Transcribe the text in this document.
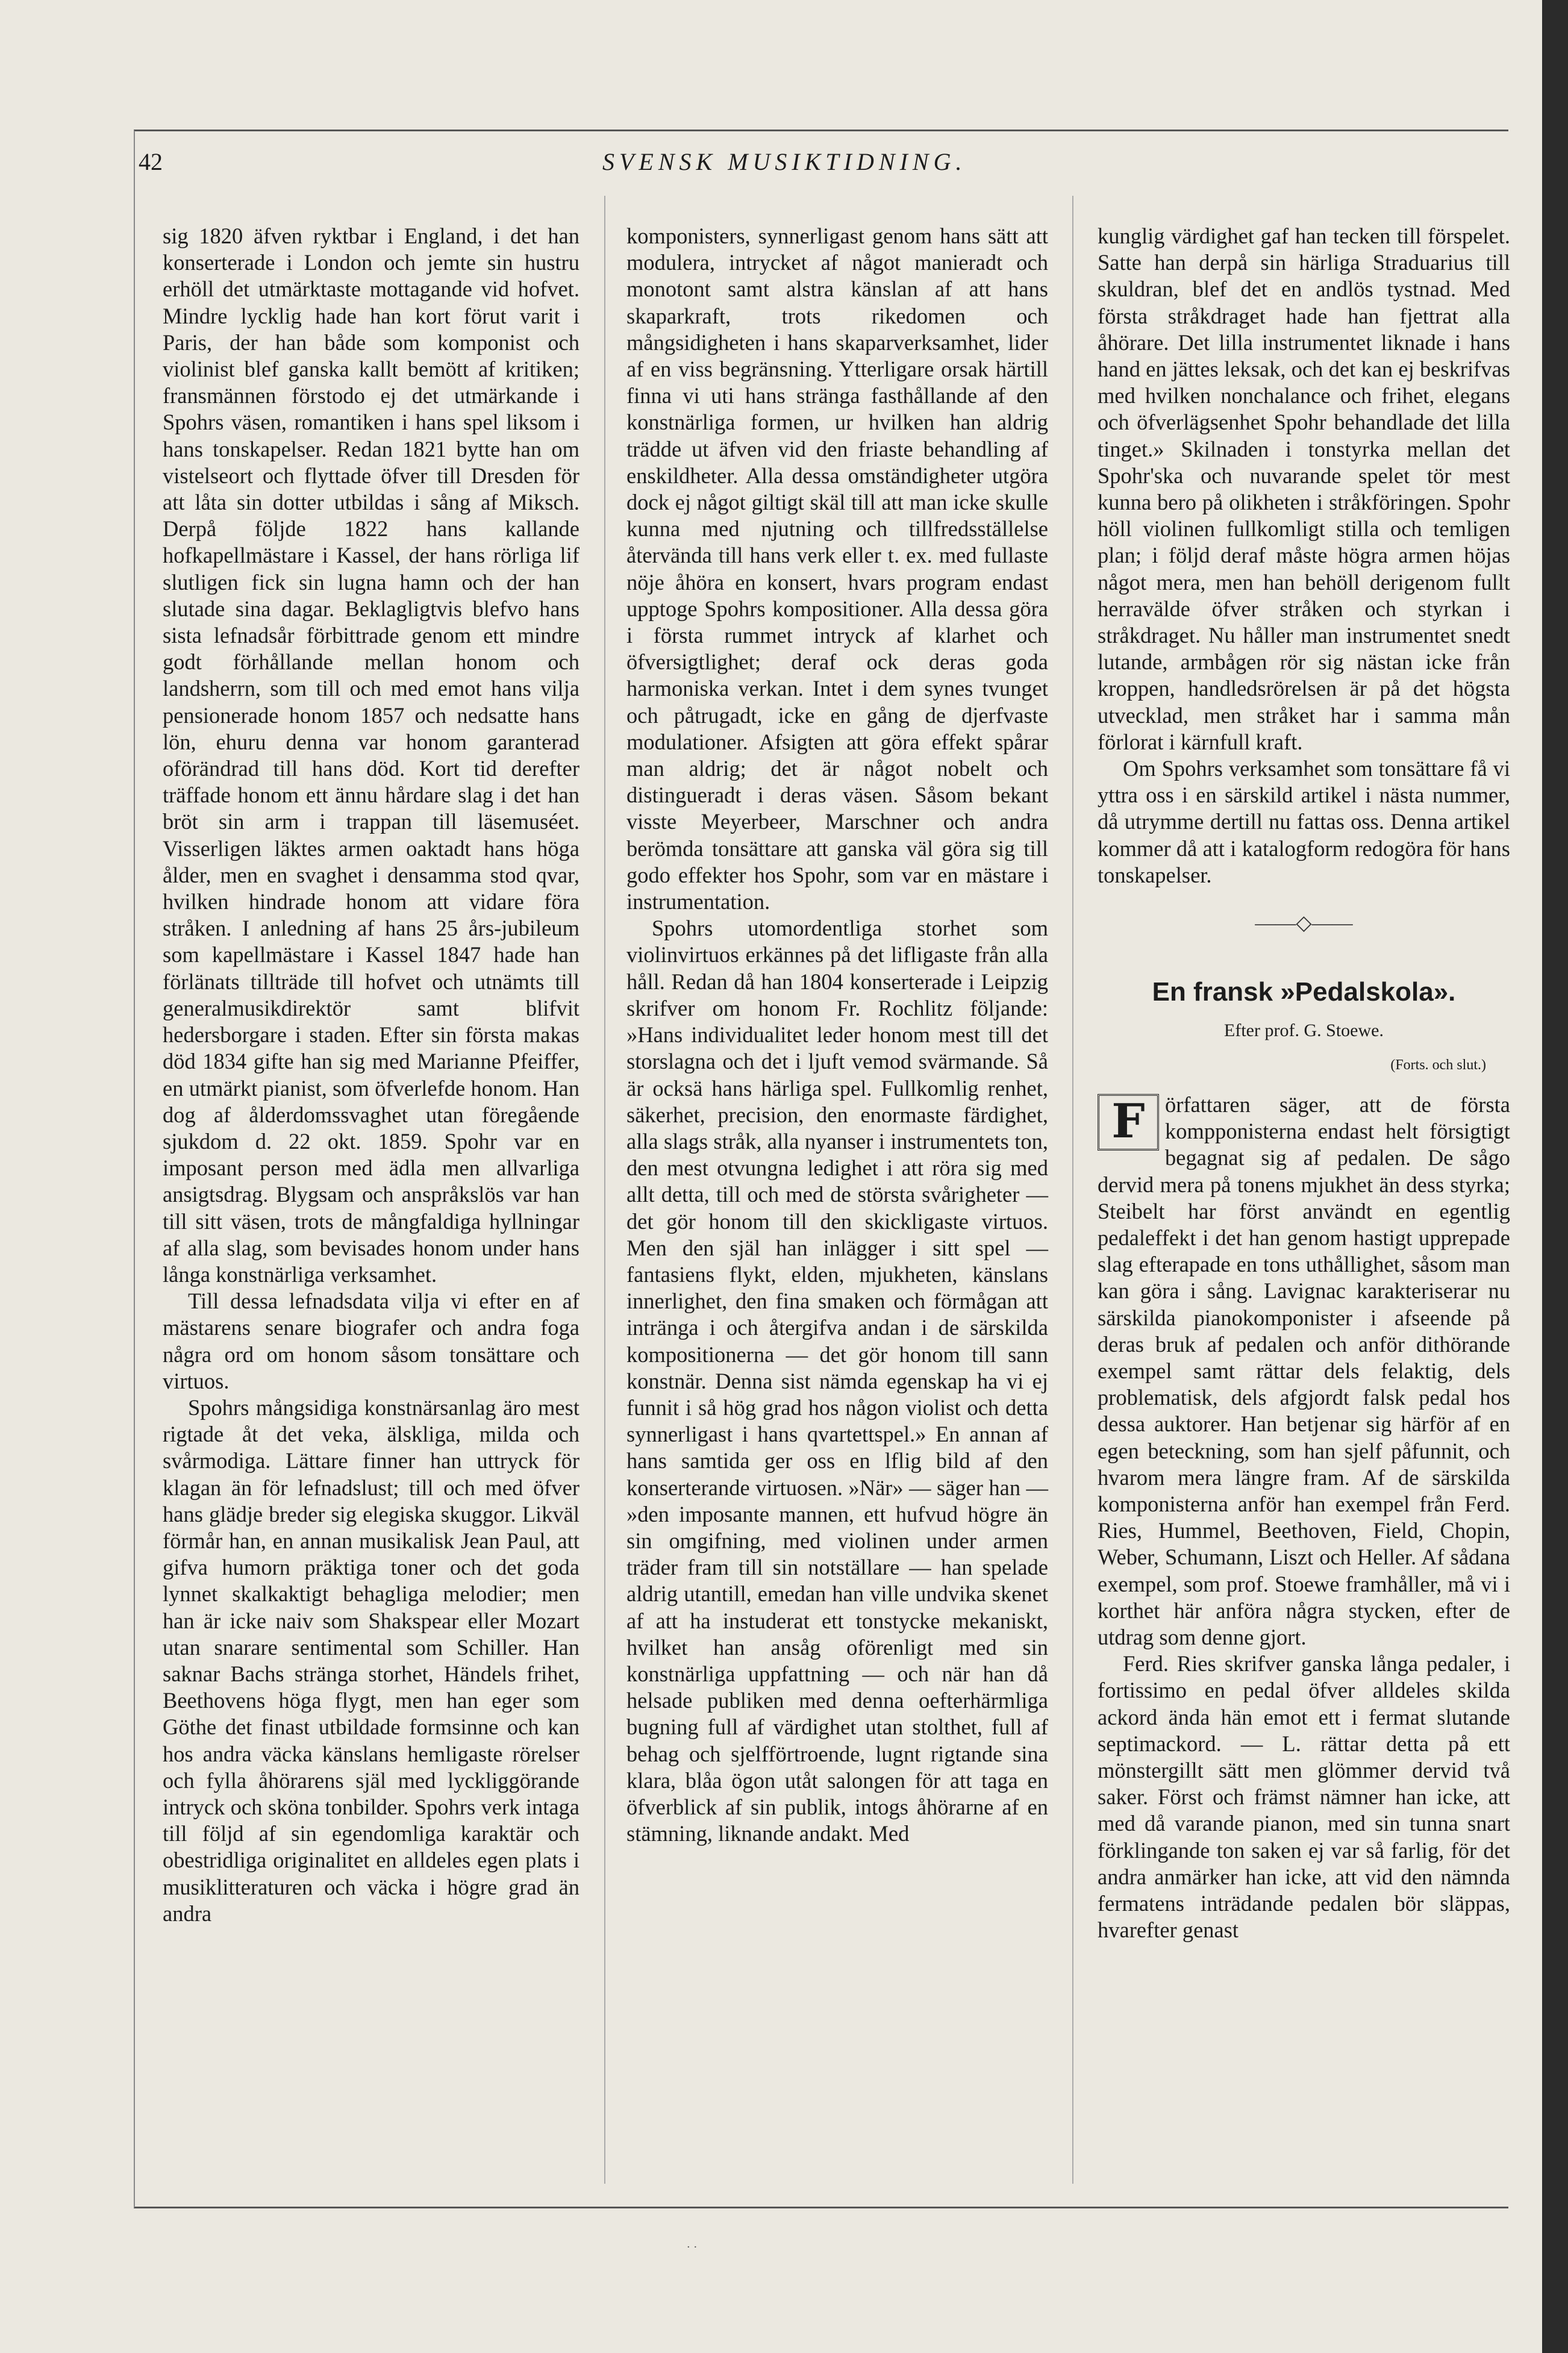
42	SVENSK MUSIKTIDNING.

sig 1820 äfven ryktbar i England, i det han konserterade i London och jemte sin hustru erhöll det utmärktaste mottagande vid hofvet. Mindre lycklig hade han kort förut varit i Paris, der han både som komponist och violinist blef ganska kallt bemött af kritiken; fransmännen förstodo ej det utmärkande i Spohrs väsen, romantiken i hans spel liksom i hans tonskapelser. Redan 1821 bytte han om vistelseort och flyttade öfver till Dresden för att låta sin dotter utbildas i sång af Miksch. Derpå följde 1822 hans kallande hofkapellmästare i Kassel, der hans rörliga lif slutligen fick sin lugna hamn och der han slutade sina dagar. Beklagligtvis blefvo hans sista lefnadsår förbittrade genom ett mindre godt förhållande mellan honom och landsherrn, som till och med emot hans vilja pensionerade honom 1857 och nedsatte hans lön, ehuru denna var honom garanterad oförändrad till hans död. Kort tid derefter träffade honom ett ännu hårdare slag i det han bröt sin arm i trappan till läsemuséet. Visserligen läktes armen oaktadt hans höga ålder, men en svaghet i densamma stod qvar, hvilken hindrade honom att vidare föra stråken. I anledning af hans 25 års-jubileum som kapellmästare i Kassel 1847 hade han förlänats tillträde till hofvet och utnämts till generalmusikdirektör samt blifvit hedersborgare i staden. Efter sin första makas död 1834 gifte han sig med Marianne Pfeiffer, en utmärkt pianist, som öfverlefde honom. Han dog af ålderdomssvaghet utan föregående sjukdom d. 22 okt. 1859. Spohr var en imposant person med ädla men allvarliga ansigtsdrag. Blygsam och anspråkslös var han till sitt väsen, trots de mångfaldiga hyllningar af alla slag, som bevisades honom under hans långa konstnärliga verksamhet.

Till dessa lefnadsdata vilja vi efter en af mästarens senare biografer och andra foga några ord om honom såsom tonsättare och virtuos.

Spohrs mångsidiga konstnärsanlag äro mest rigtade åt det veka, älskliga, milda och svårmodiga. Lättare finner han uttryck för klagan än för lefnadslust; till och med öfver hans glädje breder sig elegiska skuggor. Likväl förmår han, en annan musikalisk Jean Paul, att gifva humorn präktiga toner och det goda lynnet skalkaktigt behagliga melodier; men han är icke naiv som Shakspear eller Mozart utan snarare sentimental som Schiller. Han saknar Bachs stränga storhet, Händels frihet, Beethovens höga flygt, men han eger som Göthe det finast utbildade formsinne och kan hos andra väcka känslans hemligaste rörelser och fylla åhörarens själ med lyckliggörande intryck och sköna tonbilder. Spohrs verk intaga till följd af sin egendomliga karaktär och obestridliga originalitet en alldeles egen plats i musiklitteraturen och väcka i högre grad än andra

komponisters, synnerligast genom hans sätt att modulera, intrycket af något manieradt och monotont samt alstra känslan af att hans skaparkraft, trots rikedomen och mångsidigheten i hans skaparverksamhet, lider af en viss begränsning. Ytterligare orsak härtill finna vi uti hans stränga fasthållande af den konstnärliga formen, ur hvilken han aldrig trädde ut äfven vid den friaste behandling af enskildheter. Alla dessa omständigheter utgöra dock ej något giltigt skäl till att man icke skulle kunna med njutning och tillfredsställelse återvända till hans verk eller t. ex. med fullaste nöje åhöra en konsert, hvars program endast upptoge Spohrs kompositioner. Alla dessa göra i första rummet intryck af klarhet och öfversigtlighet; deraf ock deras goda harmoniska verkan. Intet i dem synes tvunget och påtrugadt, icke en gång de djerfvaste modulationer. Afsigten att göra effekt spårar man aldrig; det är något nobelt och distingueradt i deras väsen. Såsom bekant visste Meyerbeer, Marschner och andra berömda tonsättare att ganska väl göra sig till godo effekter hos Spohr, som var en mästare i instrumentation.

Spohrs utomordentliga storhet som violinvirtuos erkännes på det lifligaste från alla håll. Redan då han 1804 konserterade i Leipzig skrifver om honom Fr. Rochlitz följande: »Hans individualitet leder honom mest till det storslagna och det i ljuft vemod svärmande. Så är ocksä hans härliga spel. Fullkomlig renhet, säkerhet, precision, den enormaste färdighet, alla slags stråk, alla nyanser i instrumentets ton, den mest otvungna ledighet i att röra sig med allt detta, till och med de största svårigheter — det gör honom till den skickligaste virtuos. Men den själ han inlägger i sitt spel — fantasiens flykt, elden, mjukheten, känslans innerlighet, den fina smaken och förmågan att intränga i och återgifva andan i de särskilda kompositionerna — det gör honom till sann konstnär. Denna sist nämda egenskap ha vi ej funnit i så hög grad hos någon violist och detta synnerligast i hans qvartettspel.» En annan af hans samtida ger oss en lflig bild af den konserterande virtuosen. »När» — säger han — »den imposante mannen, ett hufvud högre än sin omgifning, med violinen under armen träder fram till sin notställare — han spelade aldrig utantill, emedan han ville undvika skenet af att ha instuderat ett tonstycke mekaniskt, hvilket han ansåg oförenligt med sin konstnärliga uppfattning — och när han då helsade publiken med denna oefterhärmliga bugning full af värdighet utan stolthet, full af behag och sjelfförtroende, lugnt rigtande sina klara, blåa ögon utåt salongen för att taga en öfverblick af sin publik, intogs åhörarne af en stämning, liknande andakt. Med

kunglig värdighet gaf han tecken till förspelet. Satte han derpå sin härliga Straduarius till skuldran, blef det en andlös tystnad. Med första stråkdraget hade han fjettrat alla åhörare. Det lilla instrumentet liknade i hans hand en jättes leksak, och det kan ej beskrifvas med hvilken nonchalance och frihet, elegans och öfverlägsenhet Spohr behandlade det lilla tinget.» Skilnaden i tonstyrka mellan det Spohr'ska och nuvarande spelet tör mest kunna bero på olikheten i stråkföringen. Spohr höll violinen fullkomligt stilla och temligen plan; i följd deraf måste högra armen höjas något mera, men han behöll derigenom fullt herravälde öfver stråken och styrkan i stråkdraget. Nu håller man instrumentet snedt lutande, armbågen rör sig nästan icke från kroppen, handledsrörelsen är på det högsta utvecklad, men stråket har i samma mån förlorat i kärnfull kraft.

Om Spohrs verksamhet som tonsättare få vi yttra oss i en särskild artikel i nästa nummer, då utrymme dertill nu fattas oss. Denna artikel kommer då att i katalogform redogöra för hans tonskapelser.

——◇——
En fransk »Pedalskola».
Efter prof. G. Stoewe.
(Forts. och slut.)

F örfattaren säger, att de första kompponisterna endast helt försigtigt begagnat sig af pedalen. De sågo dervid mera på tonens mjukhet än dess styrka; Steibelt har först användt en egentlig pedaleffekt i det han genom hastigt upprepade slag efterapade en tons uthållighet, såsom man kan göra i sång. Lavignac karakteriserar nu särskilda pianokomponister i afseende på deras bruk af pedalen och anför dithörande exempel samt rättar dels felaktig, dels problematisk, dels afgjordt falsk pedal hos dessa auktorer. Han betjenar sig härför af en egen beteckning, som han sjelf påfunnit, och hvarom mera längre fram. Af de särskilda komponisterna anför han exempel från Ferd. Ries, Hummel, Beethoven, Field, Chopin, Weber, Schumann, Liszt och Heller. Af sådana exempel, som prof. Stoewe framhåller, må vi i korthet här anföra några stycken, efter de utdrag som denne gjort.

Ferd. Ries skrifver ganska långa pedaler, i fortissimo en pedal öfver alldeles skilda ackord ända hän emot ett i fermat slutande septimackord. — L. rättar detta på ett mönstergillt sätt men glömmer dervid två saker. Först och främst nämner han icke, att med då varande pianon, med sin tunna snart förklingande ton saken ej var så farlig, för det andra anmärker han icke, att vid den nämnda fermatens inträdande pedalen bör släppas, hvarefter genast

· ·
